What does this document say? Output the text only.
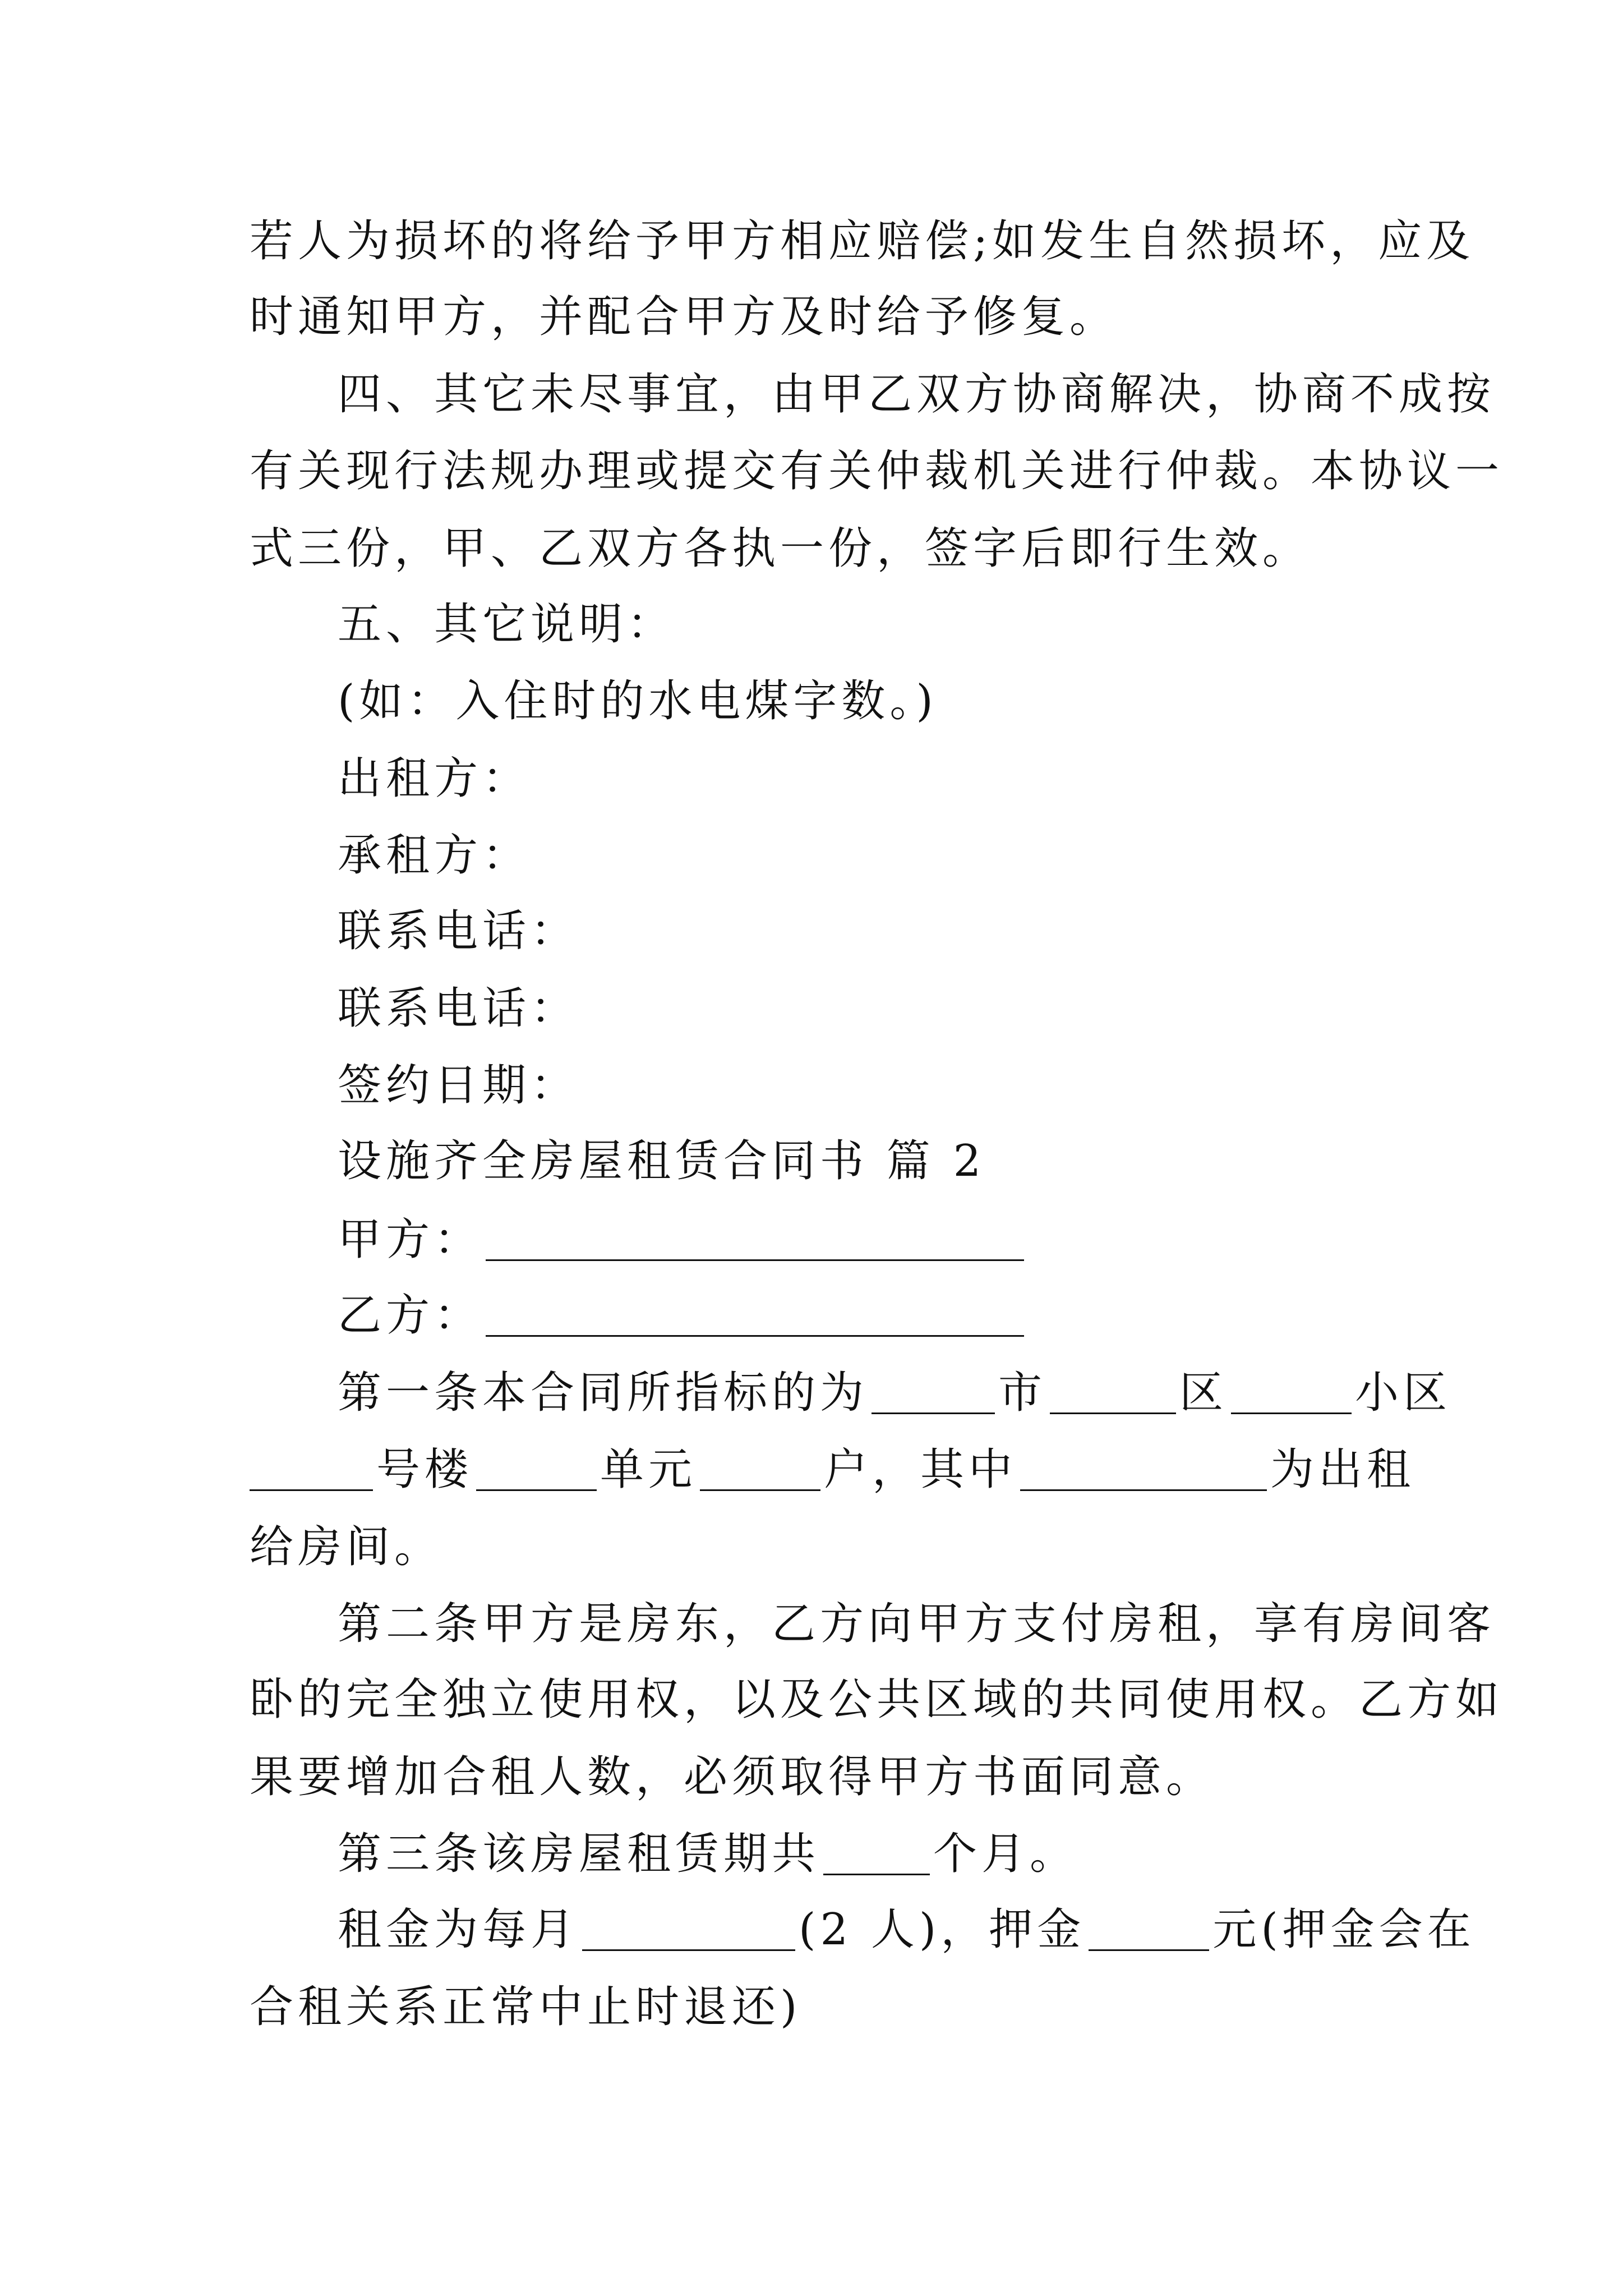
若人为损坏的将给予甲方相应赔偿;如发生自然损坏，应及
时通知甲方，并配合甲方及时给予修复。
四、其它未尽事宜，由甲乙双方协商解决，协商不成按
有关现行法规办理或提交有关仲裁机关进行仲裁。本协议一
式三份，甲、乙双方各执一份，签字后即行生效。
五、其它说明：
(如：入住时的水电煤字数。)
出租方：
承租方：
联系电话：
联系电话：
签约日期：
设施齐全房屋租赁合同书 篇 2
甲方：
乙方：
第一条本合同所指标的为	市	区	小区
号楼	单元	户，其中	为出租
给房间。
第二条甲方是房东，乙方向甲方支付房租，享有房间客
卧的完全独立使用权，以及公共区域的共同使用权。乙方如
果要增加合租人数，必须取得甲方书面同意。
第三条该房屋租赁期共	个月。
租金为每月	(2 人)，押金	元(押金会在
合租关系正常中止时退还)
